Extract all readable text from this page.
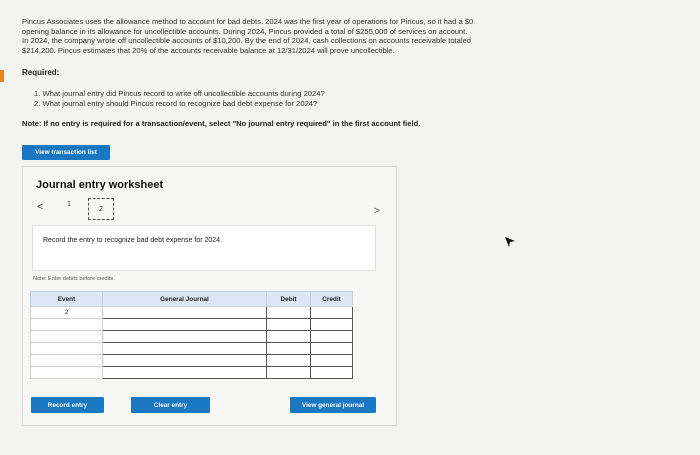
Pincus Associates uses the allowance method to account for bad debts. 2024 was the first year of operations for Pincus, so it had a $0
opening balance in its allowance for uncollectible accounts. During 2024, Pincus provided a total of $255,000 of services on account.
In 2024, the company wrote off uncollectible accounts of $10,200. By the end of 2024, cash collections on accounts receivable totaled
$214,200. Pincus estimates that 20% of the accounts receivable balance at 12/31/2024 will prove uncollectible.
Required:
1. What journal entry did Pincus record to write off uncollectible accounts during 2024?
2. What journal entry should Pincus record to recognize bad debt expense for 2024?
Note: If no entry is required for a transaction/event, select "No journal entry required" in the first account field.
View transaction list
Journal entry worksheet
<	1
2	>
Record the entry to recognize bad debt expense for 2024.
Note: Enter debits before credits.
Event	General Journal	Debit	Credit
2			

Record entry	Clear entry	View general journal
